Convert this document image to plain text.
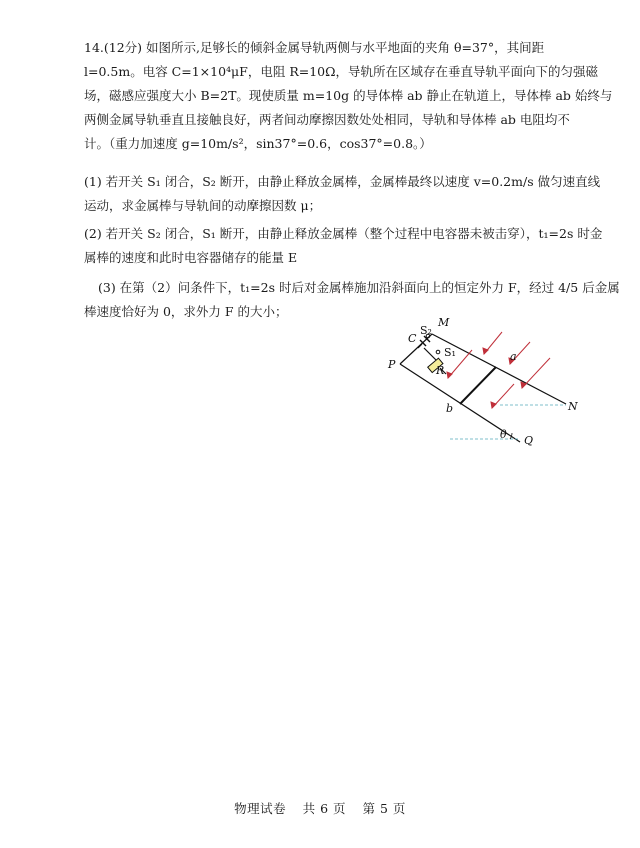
14.(12分) 如图所示,足够长的倾斜金属导轨两侧与水平地面的夹角 θ=37°，其间距
l=0.5m。电容 C=1×10⁴μF，电阻 R=10Ω，导轨所在区域存在垂直导轨平面向下的匀强磁
场，磁感应强度大小 B=2T。现使质量 m=10g 的导体棒 ab 静止在轨道上，导体棒 ab 始终与
两侧金属导轨垂直且接触良好，两者间动摩擦因数处处相同，导轨和导体棒 ab 电阻均不
计。（重力加速度 g=10m/s²，sin37°=0.6，cos37°=0.8。）

(1) 若开关 S₁ 闭合，S₂ 断开，由静止释放金属棒，金属棒最终以速度 v=0.2m/s 做匀速直线
运动，求金属棒与导轨间的动摩擦因数 μ；

(2) 若开关 S₂ 闭合，S₁ 断开，由静止释放金属棒（整个过程中电容器未被击穿），t₁=2s 时金
属棒的速度和此时电容器储存的能量 E

(3) 在第（2）问条件下，t₁=2s 时后对金属棒施加沿斜面向上的恒定外力 F，经过 4/5 后金属
棒速度恰好为 0，求外力 F 的大小；

M
N
P
Q
a
b
C
R
S₂
S₁
θ
物理试卷 共 6 页 第 5 页
